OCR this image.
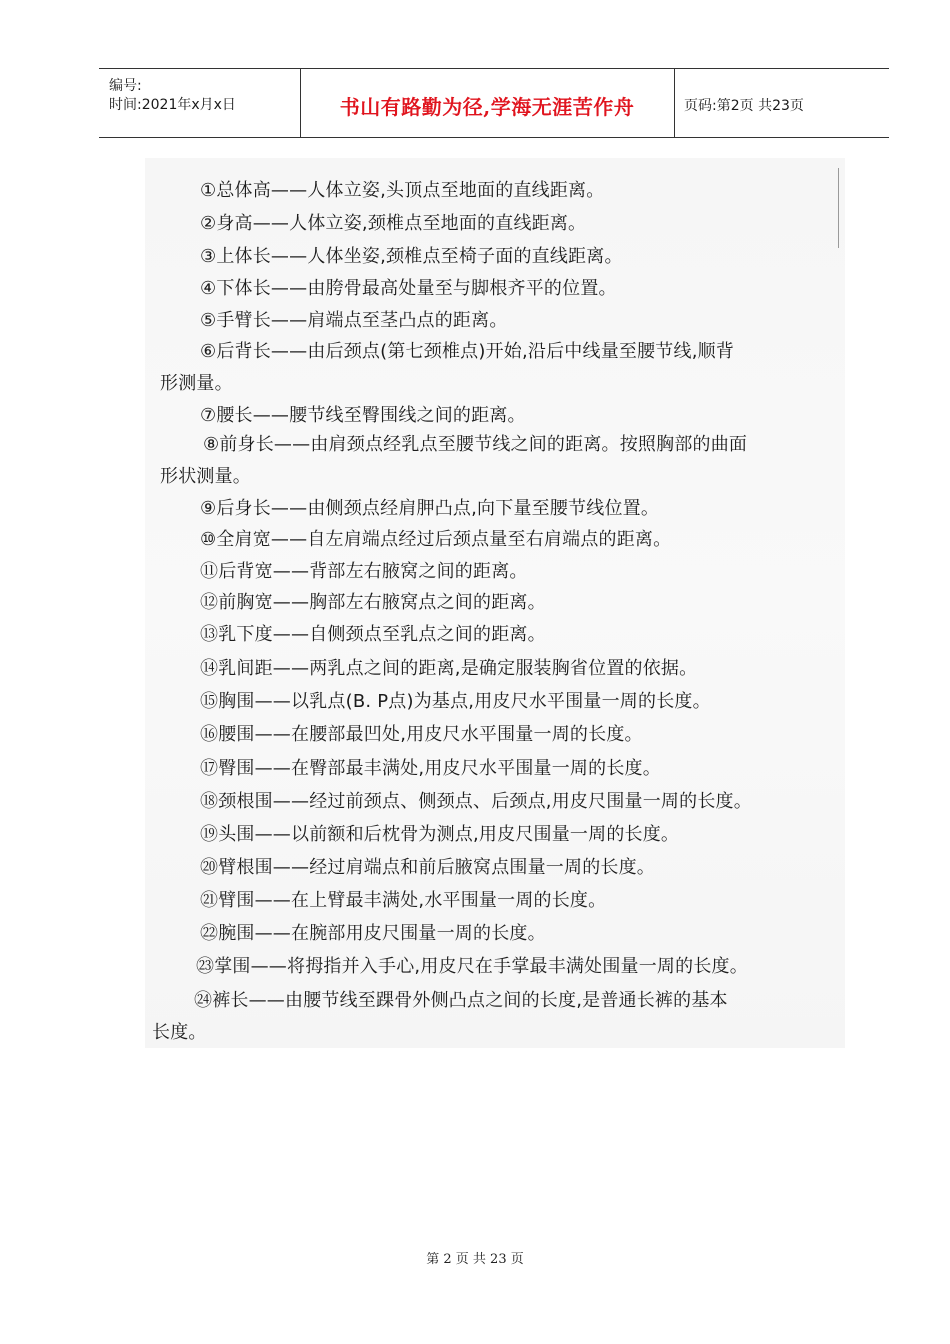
编号:
时间:2021年x月x日	书山有路勤为径,学海无涯苦作舟	页码:第2页 共23页
①总体高——人体立姿,头顶点至地面的直线距离。
②身高——人体立姿,颈椎点至地面的直线距离。
③上体长——人体坐姿,颈椎点至椅子面的直线距离。
④下体长——由胯骨最高处量至与脚根齐平的位置。
⑤手臂长——肩端点至茎凸点的距离。
⑥后背长——由后颈点(第七颈椎点)开始,沿后中线量至腰节线,顺背
形测量。
⑦腰长——腰节线至臀围线之间的距离。
⑧前身长——由肩颈点经乳点至腰节线之间的距离。按照胸部的曲面
形状测量。
⑨后身长——由侧颈点经肩胛凸点,向下量至腰节线位置。
⑩全肩宽——自左肩端点经过后颈点量至右肩端点的距离。
⑪后背宽——背部左右腋窝之间的距离。
⑫前胸宽——胸部左右腋窝点之间的距离。
⑬乳下度——自侧颈点至乳点之间的距离。
⑭乳间距——两乳点之间的距离,是确定服装胸省位置的依据。
⑮胸围——以乳点(B. P点)为基点,用皮尺水平围量一周的长度。
⑯腰围——在腰部最凹处,用皮尺水平围量一周的长度。
⑰臀围——在臀部最丰满处,用皮尺水平围量一周的长度。
⑱颈根围——经过前颈点、侧颈点、后颈点,用皮尺围量一周的长度。
⑲头围——以前额和后枕骨为测点,用皮尺围量一周的长度。
⑳臂根围——经过肩端点和前后腋窝点围量一周的长度。
㉑臂围——在上臂最丰满处,水平围量一周的长度。
㉒腕围——在腕部用皮尺围量一周的长度。
㉓掌围——将拇指并入手心,用皮尺在手掌最丰满处围量一周的长度。
㉔裤长——由腰节线至踝骨外侧凸点之间的长度,是普通长裤的基本
长度。
第 2 页 共 23 页
